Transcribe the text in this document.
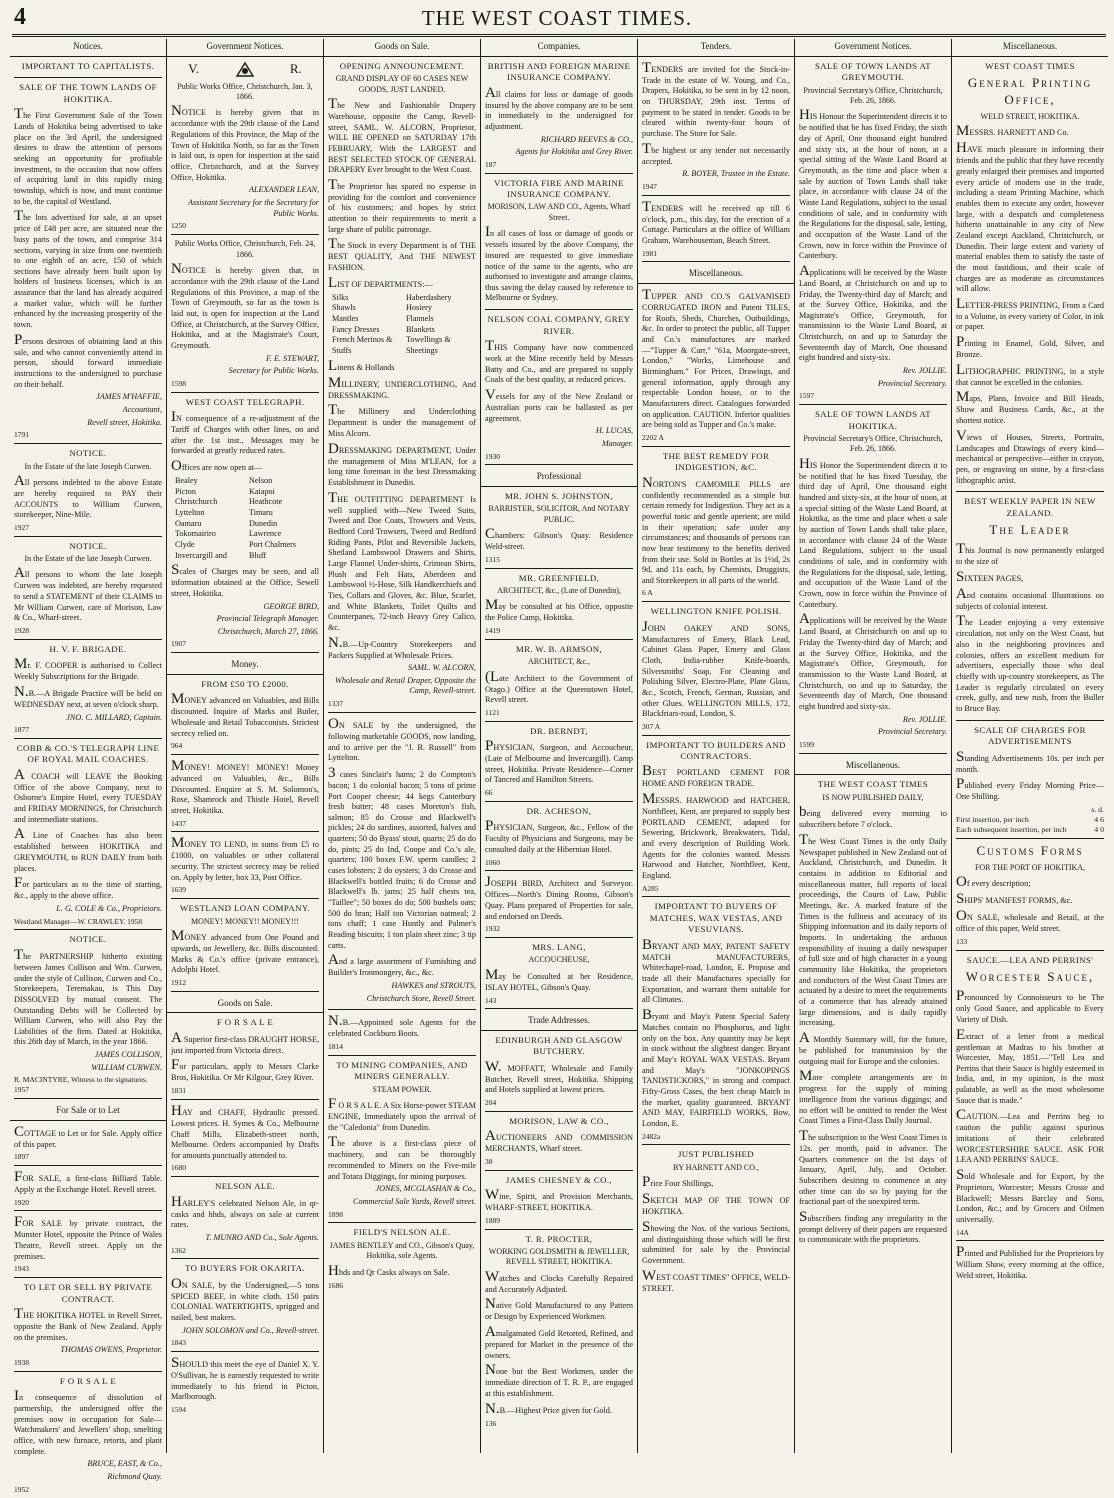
4	THE WEST COAST TIMES.
Notices.
IMPORTANT TO CAPITALISTS.
SALE OF THE TOWN LANDS OF HOKITIKA.

The First Government Sale of the Town Lands of Hokitika being advertised to take place on the 3rd April, the undersigned desires to draw the attention of persons seeking an opportunity for profitable investment, to the occasion that now offers of acquiring land in this rapidly rising township, which is now, and must continue to be, the capital of Westland.

The lots advertised for sale, at an upset price of £48 per acre, are situated near the busy parts of the town, and comprise 314 sections, varying in size from one twentieth to one eighth of an acre, 150 of which sections have already been built upon by holders of business licenses, which is an assurance that the land has already acquired a market value, which will be further enhanced by the increasing prosperity of the town.

Persons desirous of obtaining land at this sale, and who cannot conveniently attend in person, should forward immediate instructions to the undersigned to purchase on their behalf.

JAMES M'HAFFIE,
Accountant,
Revell street, Hokitika.
1791
NOTICE.
In the Estate of the late Joseph Curwen.

All persons indebted to the above Estate are hereby required to PAY their ACCOUNTS to William Curwen, storekeeper, Nine-Mile.

1927
NOTICE.
In the Estate of the late Joseph Curwen.

All persons to whom the late Joseph Curwen was indebted, are hereby requested to send a STATEMENT of their CLAIMS to Mr William Curwen, care of Morison, Law & Co., Wharf-street.

1928
H. V. F. BRIGADE.

Mr. F. COOPER is authorised to Collect Weekly Subscriptions for the Brigade.

N.B.—A Brigade Practice will be held on WEDNESDAY next, at seven o'clock sharp.

JNO. C. MILLARD, Captain.
1877
COBB & CO.'S TELEGRAPH LINE OF ROYAL MAIL COACHES.

A COACH will LEAVE the Booking Office of the above Company, next to Osborne's Empire Hotel, every TUESDAY and FRIDAY MORNINGS, for Christchurch and intermediate stations.

A Line of Coaches has also been established between HOKITIKA and GREYMOUTH, to RUN DAILY from both places.

For particulars as to the time of starting, &c., apply to the above office.

L. G. COLE & Co., Proprietors.
Westland Manager—W. CRAWLEY. 1958
NOTICE.

The PARTNERSHIP hitherto existing between James Collison and Wm. Curwen, under the style of Collison, Curwen and Co., Storekeepers, Teremakau, is This Day DISSOLVED by mutual consent. The Outstanding Debts will be Collected by William Curwen, who will also Pay the Liabilities of the firm. Dated at Hokitika, this 26th day of March, in the year 1866.

JAMES COLLISON,
WILLIAM CURWEN.
R. MACINTYRE, Witness to the signatures. 1957
For Sale or to Let

COTTAGE to Let or for Sale. Apply office of this paper.

1897

FOR SALE, a first-class Billiard Table. Apply at the Exchange Hotel. Revell street.

1920

FOR SALE by private contract, the Munster Hotel, opposite the Prince of Wales Theatre, Revell street. Apply on the premises.

1943
TO LET OR SELL BY PRIVATE CONTRACT.

THE HOKITIKA HOTEL in Revell Street, opposite the Bank of New Zealand. Apply on the premises.

THOMAS OWENS, Proprietor.
1938
F O R S A L E

In consequence of dissolution of partnership, the undersigned offer the premises now in occupation for Sale—Watchmakers' and Jewellers' shop, smelting office, with new furnace, retorts, and plant complete.

BRUCE, EAST, & Co.,
Richmond Quay.
1952
Government Notices.
V.	R.
Public Works Office, Christchurch, Jan. 3, 1866.

NOTICE is hereby given that in accordance with the 29th clause of the Land Regulations of this Province, the Map of the Town of Hokitika North, so far as the Town is laid out, is open for inspection at the said office, Christchurch, and at the Survey Office, Hokitika.

ALEXANDER LEAN,
Assistant Secretary for the Secretary for Public Works.
1250
Public Works Office, Christchurch, Feb. 24, 1866.

NOTICE is hereby given that, in accordance with the 29th clause of the Land Regulations of this Province, a map of the Town of Greymouth, so far as the town is laid out, is open for inspection at the Land Office, at Christchurch, at the Survey Office, Hokitika, and at the Magistrate's Court, Greymouth.

F. E. STEWART,
Secretary for Public Works.
1598
WEST COAST TELEGRAPH.

IN consequence of a re-adjustment of the Tariff of Charges with other lines, on and after the 1st inst., Messages may be forwarded at greatly reduced rates.

Offices are now open at—

Bealey	Nelson
Picton	Kaiapoi
Christchurch	Heathcote
Lyttelton	Timaru
Oamaru	Dunedin
Tokomairiro	Lawrence
Clyde	Port Chalmers
Invercargill and	Bluff

Scales of Charges may be seen, and all information obtained at the Office, Sewell street, Hokitika.

GEORGE BIRD,
Provincial Telegraph Manager.
Christchurch, March 27, 1866.
1907
Money.
FROM £50 TO £2000.

MONEY advanced on Valuables, and Bills discounted. Inquire of Marks and Butler, Wholesale and Retail Tobacconists. Strictest secrecy relied on.

964

MONEY! MONEY! MONEY! Money advanced on Valuables, &c., Bills Discounted. Enquire at S. M. Solomon's, Rose, Shamrock and Thistle Hotel, Revell street, Hokitika.

1437

MONEY TO LEND, in sums from £5 to £1000, on valuables or other collateral security. The strictest secrecy may be relied on. Apply by letter, box 33, Post Office.

1639
WESTLAND LOAN COMPANY.
MONEY! MONEY!! MONEY!!!

MONEY advanced from One Pound and upwards, on Jewellery, &c. Bills discounted. Marks & Co.'s office (private entrance), Adolphi Hotel.

1912
Goods on Sale.
F O R S A L E

A Superior first-class DRAUGHT HORSE, just imported from Victoria direct.

For particulars, apply to Messrs Clarke Bros, Hokitika. Or Mr Kilgour, Grey River.

1831

HAY and CHAFF, Hydraulic pressed. Lowest prices. H. Symes & Co., Melbourne Chaff Mills, Elizabeth-street north, Melbourne. Orders accompanied by Drafts for amounts punctually attended to.

1680
NELSON ALE.

HARLEY'S celebrated Nelson Ale, in qr-casks and hhds, always on sale at current rates.

T. MUNRO AND Co., Sole Agents.
1362
TO BUYERS FOR OKARITA.

ON SALE, by the Undersigned,—5 tons SPICED BEEF, in white cloth. 150 pairs COLONIAL WATERTIGHTS, sprigged and nailed, best makers.

JOHN SOLOMON and Co., Revell-street.
1843

SHOULD this meet the eye of Daniel X. Y. O'Sullivan, he is earnestly requested to write immediately to his friend in Picton, Marlborough.

1594
Goods on Sale.
OPENING ANNOUNCEMENT.
GRAND DISPLAY OF 60 CASES NEW GOODS, JUST LANDED.

The New and Fashionable Drapery Warehouse, opposite the Camp, Revell-street, SAML. W. ALCORN, Proprietor, WILL BE OPENED on SATURDAY 17th FEBRUARY, With the LARGEST and BEST SELECTED STOCK OF GENERAL DRAPERY Ever brought to the West Coast.

The Proprietor has spared no expense in providing for the comfort and convenience of his customers; and hopes by strict attention to their requirements to merit a large share of public patronage.

The Stock in every Department is of THE BEST QUALITY, And THE NEWEST FASHION.

LIST OF DEPARTMENTS:—

Silks	Haberdashery
Shawls	Hosiery
Mantles	Flannels
Fancy Dresses	Blankets
French Merinos & Stuffs
Towellings & Sheetings

Linens & Hollands

MILLINERY, UNDERCLOTHING, And DRESSMAKING.

The Millinery and Underclothing Department is under the management of Miss Alcorn.

DRESSMAKING DEPARTMENT, Under the management of Miss M'LEAN, for a long time foreman in the best Dressmaking Establishment in Dunedin.

THE OUTFITTING DEPARTMENT Is well supplied with—New Tweed Suits, Tweed and Doe Coats, Trowsers and Vests, Bedford Cord Trowsers, Tweed and Bedford Riding Pants, Pilot and Reversible Jackets, Shetland Lambswool Drawers and Shirts, Large Flannel Under-shirts, Crimean Shirts, Plush and Felt Hats, Aberdeen and Lambswool ½-Hose, Silk Handkerchiefs and Ties, Collars and Gloves, &c. Blue, Scarlet, and White Blankets, Toilet Quilts and Counterpanes, 72-inch Heavy Grey Calico, &c.

N.B.—Up-Country Storekeepers and Packers Supplied at Wholesale Prices.

SAML. W. ALCORN,
Wholesale and Retail Draper, Opposite the Camp, Revell-street.
1337

ON SALE by the undersigned, the following marketable GOODS, now landing, and to arrive per the "J. B. Russell" from Lyttelton.

3 cases Sinclair's hams; 2 do Compton's bacon; 1 do colonial bacon; 5 tons of prime Port Cooper cheese; 44 kegs Canterbury fresh butter; 48 cases Moreton's fish, salmon; 85 do Crosse and Blackwell's pickles; 24 do sardines, assorted, halves and quarters; 50 do Byass' stout, quarts; 25 do do do, pints; 25 do Ind, Coope and Co.'s ale, quarters; 100 boxes F.W. sperm candles; 2 cases lobsters; 2 do oysters; 3 do Crosse and Blackwell's bottled fruits; 6 do Crosse and Blackwell's lb. jams; 25 half chests tea, "Taillee"; 50 boxes do do; 500 bushels oats; 500 do bran; Half ton Victorian oatmeal; 2 tons chaff; 1 case Huntly and Palmer's Reading biscuits; 1 ton plain sheet zinc; 3 tip carts.

And a large assortment of Furnishing and Builder's Ironmongery, &c., &c.

HAWKES and STROUTS,
Christchurch Store, Revell Street.

N.B.—Appointed sole Agents for the celebrated Cockburn Boots.

1814
TO MINING COMPANIES, AND MINERS GENERALLY.
STEAM POWER.

F O R S A L E. A Six Horse-power STEAM ENGINE, Immediately upon the arrival of the "Caledonia" from Dunedin.

The above is a first-class piece of machinery, and can be thoroughly recommended to Miners on the Five-mile and Totara Diggings, for mining purposes.

JONES, MCGLASHAN & Co.,
Commercial Sale Yards, Revell street.
1898
FIELD'S NELSON ALE.
JAMES BENTLEY and CO., Gibson's Quay, Hokitika, sole Agents.

Hhds and Qr Casks always on Sale.

1686
Companies.
BRITISH AND FOREIGN MARINE INSURANCE COMPANY.

All claims for loss or damage of goods insured by the above company are to be sent in immediately to the undersigned for adjustment.

RICHARD REEVES & CO.,
Agents for Hokitika and Grey River.
187
VICTORIA FIRE AND MARINE INSURANCE COMPANY.
MORISON, LAW AND CO., Agents, Wharf Street.

In all cases of loss or damage of goods or vessels insured by the above Company, the insured are requested to give immediate notice of the same to the agents, who are authorised to investigate and arrange claims, thus saving the delay caused by reference to Melbourne or Sydney.

NELSON COAL COMPANY, GREY RIVER.

THIS Company have now commenced work at the Mine recently held by Messrs Batty and Co., and are prepared to supply Coals of the best quality, at reduced prices.

Vessels for any of the New Zealand or Australian ports can be ballasted as per agreement.

H. LUCAS,
Manager.
1930
Professional
MR. JOHN S. JOHNSTON,
BARRISTER, SOLICITOR, And NOTARY PUBLIC.

Chambers: Gibson's Quay. Residence Weld-street.

1315
MR. GREENFIELD,
ARCHITECT, &c., (Late of Dunedin),

May be consulted at his Office, opposite the Police Camp, Hokitika.

1419
MR. W. B. ARMSON,
ARCHITECT, &c.,

(Late Architect to the Government of Otago.) Office at the Queenstown Hotel, Revell street.

1121
DR. BERNDT,

PHYSICIAN, Surgeon, and Accoucheur, (Late of Melbourne and Invercargill). Camp street, Hokitika. Private Residence—Corner of Tancred and Hamilton Streets.

66
DR. ACHESON,

PHYSICIAN, Surgeon, &c., Fellow of the Faculty of Physicians and Surgeons, may be consulted daily at the Hibernian Hotel.

1060

JOSEPH BIRD, Architect and Surveyor. Offices—North's Dining Rooms, Gibson's Quay. Plans prepared of Properties for sale, and endorsed on Deeds.

1932
MRS. LANG,
ACCOUCHEUSE,

May be Consulted at her Residence, ISLAY HOTEL, Gibson's Quay.

143
Trade Addresses.
EDINBURGH AND GLASGOW BUTCHERY.

W. MOFFATT, Wholesale and Family Butcher, Revell street, Hokitika. Shipping and Hotels supplied at lowest prices.

204
MORISON, LAW & CO.,

AUCTIONEERS AND COMMISSION MERCHANTS, Wharf street.

38
JAMES CHESNEY & CO.,

Wine, Spirit, and Provision Merchants, WHARF-STREET, HOKITIKA.

1889
T. R. PROCTER,
WORKING GOLDSMITH & JEWELLER, REVELL STREET, HOKITIKA.

Watches and Clocks Carefully Repaired and Accurately Adjusted.

Native Gold Manufactured to any Pattern or Design by Experienced Workmen.

Amalgamated Gold Retorted, Refined, and prepared for Market in the presence of the owners.

None but the Best Workmen, under the immediate direction of T. R. P., are engaged at this establishment.

N.B.—Highest Price given for Gold.

136
Tenders.

TENDERS are invited for the Stock-in-Trade in the estate of W. Young, and Co., Drapers, Hokitika, to be sent in by 12 noon, on THURSDAY, 29th inst. Terms of payment to be stated in tender. Goods to be cleared within twenty-four hours of purchase. The Store for Sale.

The highest or any tender not necessarily accepted.

R. BOYER, Trustee in the Estate.
1947

TENDERS will be received up till 6 o'clock, p.m., this day, for the erection of a Cottage. Particulars at the office of William Graham, Warehouseman, Beach Street.

1981
Miscellaneous.

TUPPER AND CO.'S GALVANISED CORRUGATED IRON and Patent TILES, for Roofs, Sheds, Churches, Outbuildings, &c. In order to protect the public, all Tupper and Co.'s manufactures are marked—"Tupper & Carr," "61a, Moorgate-street, London," "Works, Limehouse and Birmingham." For Prices, Drawings, and general information, apply through any respectable London house, or to the Manufacturers direct. Catalogues forwarded on application. CAUTION. Inferior qualities are being sold as Tupper and Co.'s make.

2202 A
THE BEST REMEDY FOR INDIGESTION, &C.

NORTON'S CAMOMILE PILLS are confidently recommended as a simple but certain remedy for Indigestion. They act as a powerful tonic and gentle aperient; are mild in their operation; safe under any circumstances; and thousands of persons can now bear testimony to the benefits derived from their use. Sold in Bottles at 1s 1½d, 2s 9d, and 11s each, by Chemists, Druggists, and Storekeepers in all parts of the world.

6 A
WELLINGTON KNIFE POLISH.

JOHN OAKEY AND SONS, Manufacturers of Emery, Black Lead, Cabinet Glass Paper, Emery and Glass Cloth, India-rubber Knife-boards, Silversmiths' Soap, For Cleaning and Polishing Silver, Electro-Plate, Plate Glass, &c., Scotch, French, German, Russian, and other Glues. WELLINGTON MILLS, 172, Blackfriars-road, London, S.

307 A
IMPORTANT TO BUILDERS AND CONTRACTORS.

BEST PORTLAND CEMENT FOR HOME AND FOREIGN TRADE.

MESSRS. HARWOOD and HATCHER, Northfleet, Kent, are prepared to supply best PORTLAND CEMENT, adapted for Sewering, Brickwork, Breakwaters, Tidal, and every description of Building Work. Agents for the colonies wanted. Messrs Harwood and Hatcher, Northfleet, Kent, England.

A285
IMPORTANT TO BUYERS OF MATCHES, WAX VESTAS, AND VESUVIANS.

BRYANT AND MAY, PATENT SAFETY MATCH MANUFACTURERS, Whitechapel-road, London, E. Propose and trade all their Manufactures specially for Exportation, and warrant them suitable for all Climates.

Bryant and May's Patent Special Safety Matches contain no Phosphorus, and light only on the box. Any quantity may be kept in stock without the slightest danger. Bryant and May's ROYAL WAX VESTAS. Bryant and May's "JONKOPINGS TANDSTICKORS," in strong and compact Fifty-Gross Cases, the best cheap Match in the market, quality guaranteed. BRYANT AND MAY, FAIRFIELD WORKS, Bow, London, E.

2482a
JUST PUBLISHED
BY HARNETT AND CO.,

Price Four Shillings,

SKETCH MAP OF THE TOWN OF HOKITIKA.

Showing the Nos. of the various Sections, and distinguishing those which will be first submitted for sale by the Provincial Government.

WEST COAST TIMES" OFFICE, WELD-STREET.

Government Notices.
SALE OF TOWN LANDS AT GREYMOUTH.
Provincial Secretary's Office, Christchurch, Feb. 26, 1866.

HIS Honour the Superintendent directs it to be notified that he has fixed Friday, the sixth day of April, One thousand eight hundred and sixty six, at the hour of noon, at a special sitting of the Waste Land Board at Greymouth, as the time and place when a sale by auction of Town Lands shall take place, in accordance with clause 24 of the Waste Land Regulations, subject to the usual conditions of sale, and in conformity with the Regulations for the disposal, sale, letting, and occupation of the Waste Land of the Crown, now in force within the Province of Canterbury.

Applications will be received by the Waste Land Board, at Christchurch on and up to Friday, the Twenty-third day of March; and at the Survey Office, Hokitika, and the Magistrate's Office, Greymouth, for transmission to the Waste Land Board, at Christchurch, on and up to Saturday the Seventeenth day of March, One thousand eight hundred and sixty-six.

Rev. JOLLIE.
Provincial Secretary.
1597
SALE OF TOWN LANDS AT HOKITIKA.
Provincial Secretary's Office, Christchurch, Feb. 26, 1866.

HIS Honor the Superintendent directs it to be notified that he has fixed Tuesday, the third day of April, One thousand eight hundred and sixty-six, at the hour of noon, at a special sitting of the Waste Land Board, at Hokitika, as the time and place when a sale by auction of Town Lands shall take place, in accordance with clause 24 of the Waste Land Regulations, subject to the usual conditions of sale, and in conformity with the Regulations for the disposal, sale, letting, and occupation of the Waste Land of the Crown, now in force within the Province of Canterbury.

Applications will be received by the Waste Land Board, at Christchurch on and up to Friday the Twenty-third day of March; and at the Survey Office, Hokitika, and the Magistrate's Office, Greymouth, for transmission to the Waste Land Board, at Christchurch, on and up to Saturday, the Seventeenth day of March, One thousand eight hundred and sixty-six.

Rev. JOLLIE.
Provincial Secretary.
1599
Miscellaneous.
THE WEST COAST TIMES
IS NOW PUBLISHED DAILY,

being delivered every morning to subscribers before 7 o'clock.

The West Coast Times is the only Daily Newspaper published in New Zealand out of Auckland, Christchurch, and Dunedin. It contains in addition to Editorial and miscellaneous matter, full reports of local proceedings, the Courts of Law, Public Meetings, &c. A marked feature of the Times is the fullness and accuracy of its Shipping information and its daily reports of Imports. In undertaking the arduous responsibility of issuing a daily newspaper of full size and of high character in a young community like Hokitika, the proprietors and conductors of the West Coast Times are actuated by a desire to meet the requirements of a commerce that has already attained large dimensions, and is daily rapidly increasing.

A Monthly Summary will, for the future, be published for transmission by the outgoing mail for Europe and the colonies.

More complete arrangements are in progress for the supply of mining intelligence from the various diggings; and no effort will be omitted to render the West Coast Times a First-Class Daily Journal.

The subscription to the West Coast Times is 12s. per month, paid in advance. The Quarters commence on the 1st days of January, April, July, and October. Subscribers desiring to commence at any other time can do so by paying for the fractional part of the unexpired term.

Subscribers finding any irregularity in the prompt delivery of their papers are requested to communicate with the proprietors.

Miscellaneous.
WEST COAST TIMES
General Printing Office,
WELD STREET, HOKITIKA.

MESSRS. HARNETT AND Co.

HAVE much pleasure in informing their friends and the public that they have recently greatly enlarged their premises and imported every article of modern use in the trade, including a steam Printing Machine, which enables them to execute any order, however large, with a despatch and completeness hitherto unattainable in any city of New Zealand except Auckland, Christchurch, or Dunedin. Their large extent and variety of material enables them to satisfy the taste of the most fastidious, and their scale of charges are as moderate as circumstances will allow.

LETTER-PRESS PRINTING, From a Card to a Volume, in every variety of Color, in ink or paper.

Printing in Enamel, Gold, Silver, and Bronze.

LITHOGRAPHIC PRINTING, in a style that cannot be excelled in the colonies.

Maps, Plans, Invoice and Bill Heads, Show and Business Cards, &c., at the shortest notice.

Views of Houses, Streets, Portraits, Landscapes and Drawings of every kind—mechanical or perspective—either in crayon, pen, or engraving on stone, by a first-class lithographic artist.

BEST WEEKLY PAPER IN NEW ZEALAND.
The Leader

This Journal is now permanently enlarged to the size of

SIXTEEN PAGES,

And contains occasional Illustrations on subjects of colonial interest.

The Leader enjoying a very extensive circulation, not only on the West Coast, but also in the neighboring provinces and colonies, offers an excellent medium for advertisers, especially those who deal chiefly with up-country storekeepers, as The Leader is regularly circulated on every creek, gully, and new rush, from the Buller to Bruce Bay.

SCALE OF CHARGES FOR ADVERTISEMENTS

Standing Advertisements 10s. per inch per month.

Published every Friday Morning Price—One Shilling.

	s. d.
First insertion, per inch	4 6
Each subsequent insertion, per inch	4 0
Customs Forms
FOR THE PORT OF HOKITIKA,

Of every description;

SHIPS' MANIFEST FORMS, &c.

ON SALE, wholesale and Retail, at the office of this paper, Weld street.

133
SAUCE.—LEA AND PERRINS'
Worcester Sauce,

Pronounced by Connoisseurs to be The only Good Sauce, and applicable to Every Variety of Dish.

Extract of a letter from a medical gentleman at Madras to his brother at Worcester, May, 1851.—"Tell Lea and Perrins that their Sauce is highly esteemed in India, and, in my opinion, is the most palatable, as well as the most wholesome Sauce that is made."

CAUTION.—Lea and Perrins beg to caution the public against spurious imitations of their celebrated WORCESTERSHIRE SAUCE. ASK FOR LEA AND PERRINS' SAUCE.

Sold Wholesale and for Export, by the Proprietors, Worcester; Messrs Crosse and Blackwell; Messrs Barclay and Sons, London, &c.; and by Grocers and Oilmen universally.

14A

Printed and Published for the Proprietors by William Shaw, every morning at the office, Weld street, Hokitika.
